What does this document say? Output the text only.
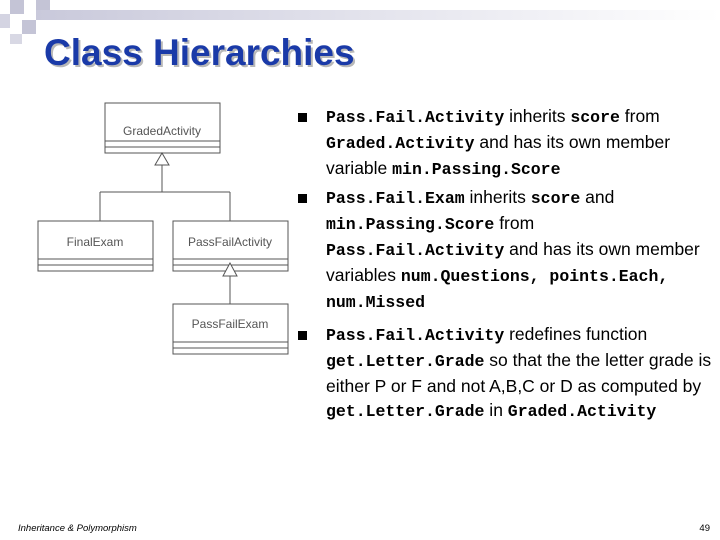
Class Hierarchies
GradedActivity
FinalExam	PassFailActivity
PassFailExam
Pass.Fail.Activity inherits score from Graded.Activity and has its own member variable min.Passing.Score
Pass.Fail.Exam inherits score and min.Passing.Score from Pass.Fail.Activity and has its own member variables num.Questions, points.Each, num.Missed
Pass.Fail.Activity redefines function get.Letter.Grade so that the the letter grade is either P or F and not A,B,C or D as computed by get.Letter.Grade in Graded.Activity
Inheritance & Polymorphism	49
